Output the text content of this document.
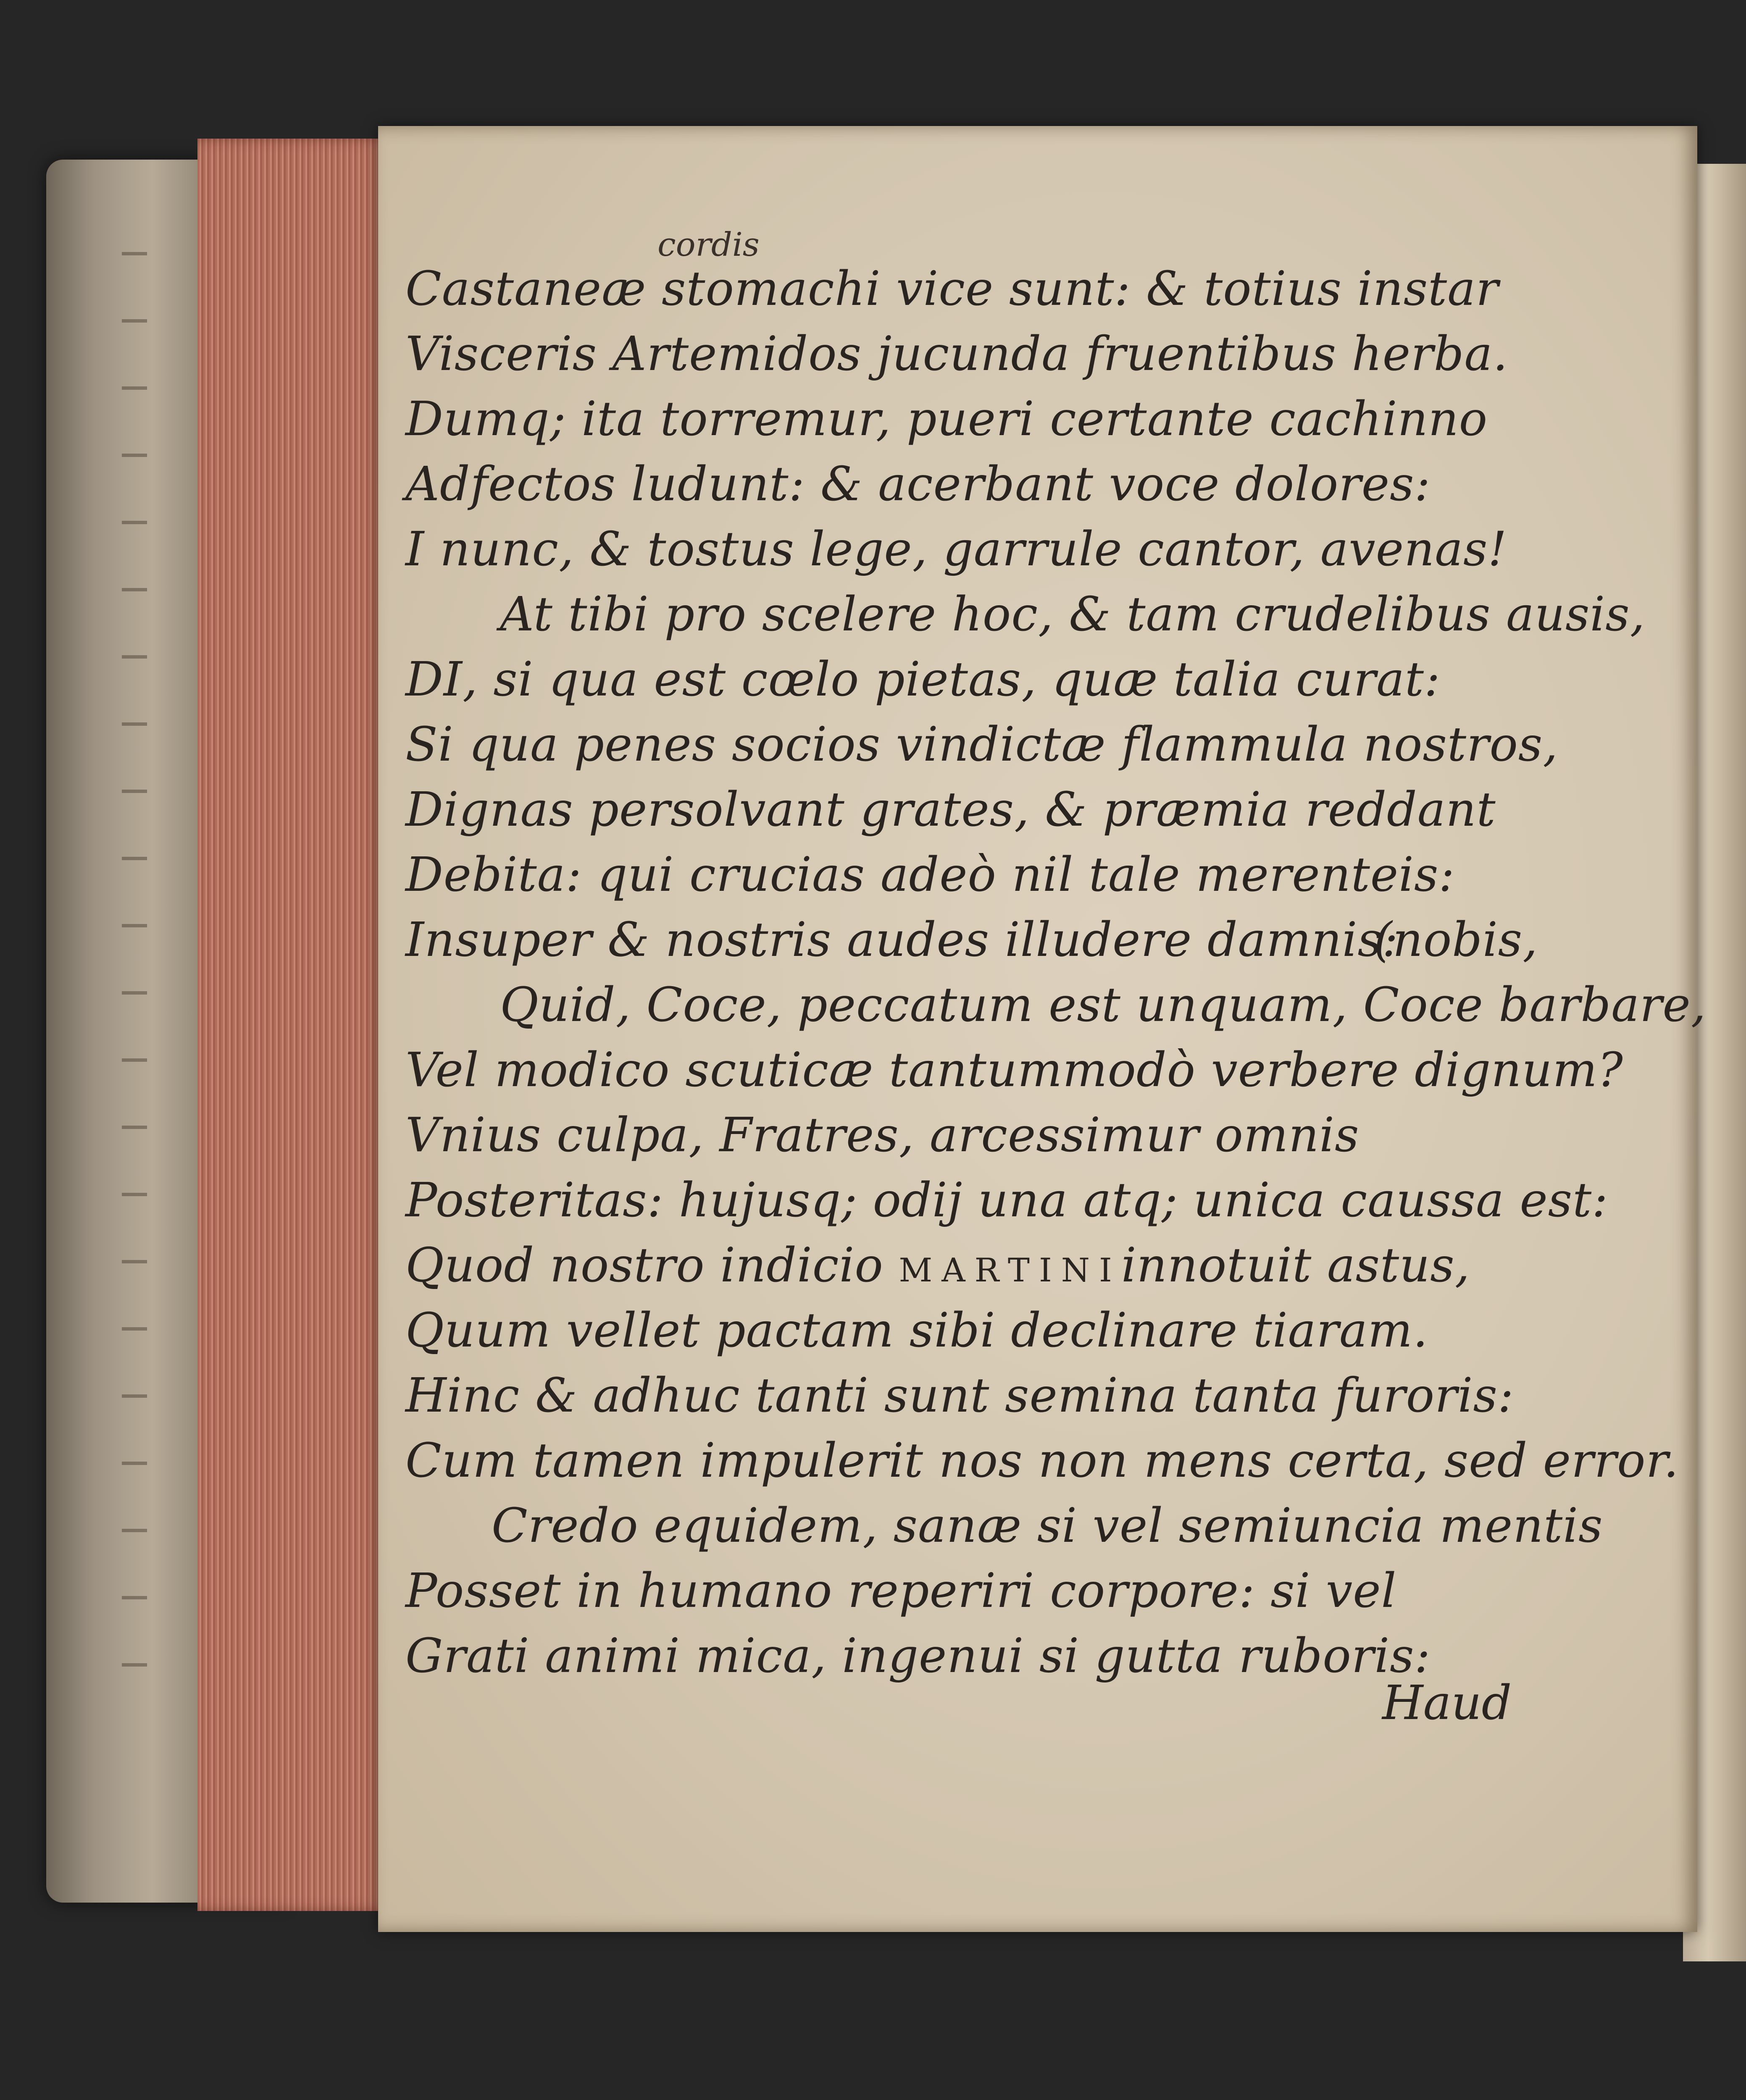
cordis
Castaneæ stomachi vice sunt: & totius instar
Visceris Artemidos jucunda fruentibus herba.
Dumq; ita torremur, pueri certante cachinno
Adfectos ludunt: & acerbant voce dolores:
I nunc, & tostus lege, garrule cantor, avenas!
At tibi pro scelere hoc, & tam crudelibus ausis,
DI, si qua est cœlo pietas, quæ talia curat:
Si qua penes socios vindictæ flammula nostros,
Dignas persolvant grates, & præmia reddant
Debita: qui crucias adeò nil tale merenteis:
Insuper & nostris audes illudere damnis:
(nobis,
Quid, Coce, peccatum est unquam, Coce barbare,
Vel modico scuticæ tantummodò verbere dignum?
Vnius culpa, Fratres, arcessimur omnis
Posteritas: hujusq; odij una atq; unica caussa est:
Quod nostro indicio MARTINIinnotuit astus,
Quum vellet pactam sibi declinare tiaram.
Hinc & adhuc tanti sunt semina tanta furoris:
Cum tamen impulerit nos non mens certa, sed error.
Credo equidem, sanæ si vel semiuncia mentis
Posset in humano reperiri corpore: si vel
Grati animi mica, ingenui si gutta ruboris:
Haud
